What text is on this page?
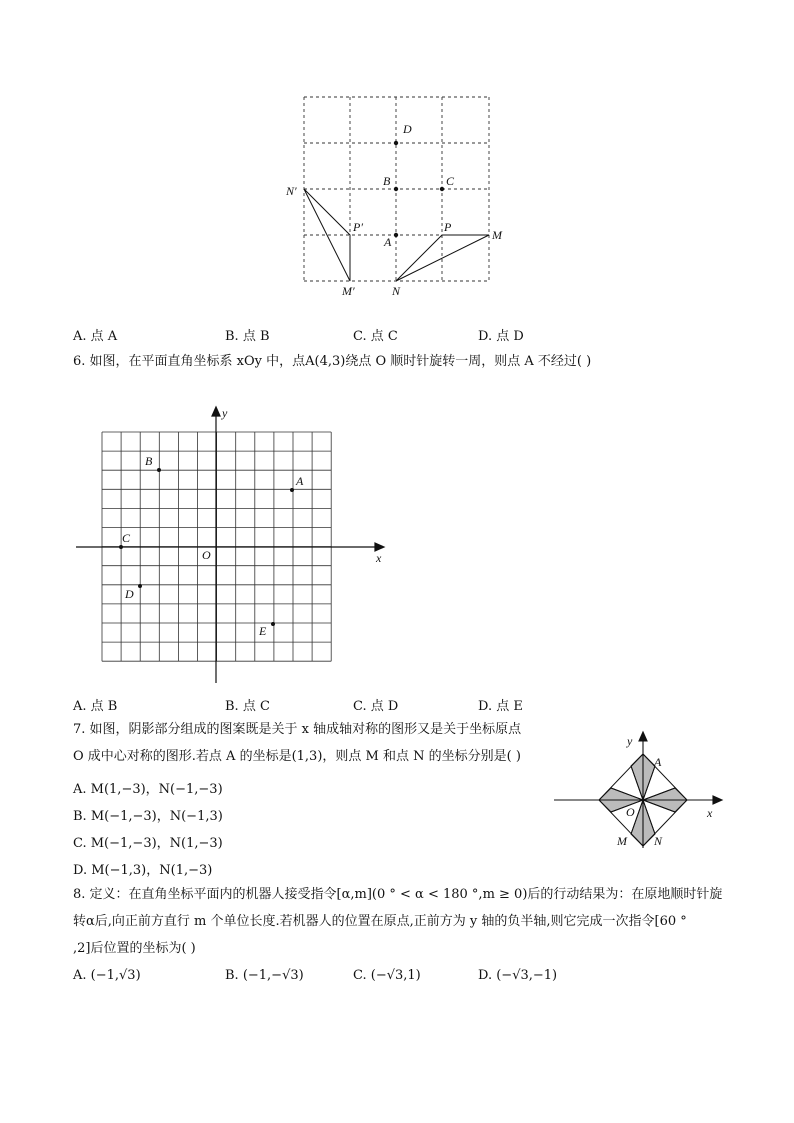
D
B	C
A
P
M
N
N′
P′
M′
A. 点 A	B. 点 B	C. 点 C	D. 点 D
6. 如图，在平面直角坐标系 xOy 中，点A(4,3)绕点 O 顺时针旋转一周，则点 A 不经过( )
y
x
O
A
B
C
D
E
A. 点 B	B. 点 C	C. 点 D	D. 点 E
7. 如图，阴影部分组成的图案既是关于 x 轴成轴对称的图形又是关于坐标原点
O 成中心对称的图形.若点 A 的坐标是(1,3)，则点 M 和点 N 的坐标分别是( )
A. M(1,−3)，N(−1,−3)
B. M(−1,−3)，N(−1,3)
C. M(−1,−3)，N(1,−3)
D. M(−1,3)，N(1,−3)
y
x
O
A
M N
8. 定义：在直角坐标平面内的机器人接受指令[α,m](0 ° < α < 180 °,m ≥ 0)后的行动结果为：在原地顺时针旋
转α后,向正前方直行 m 个单位长度.若机器人的位置在原点,正前方为 y 轴的负半轴,则它完成一次指令[60 °
,2]后位置的坐标为( )
A. (−1,√3)	B. (−1,−√3)	C. (−√3,1)	D. (−√3,−1)
